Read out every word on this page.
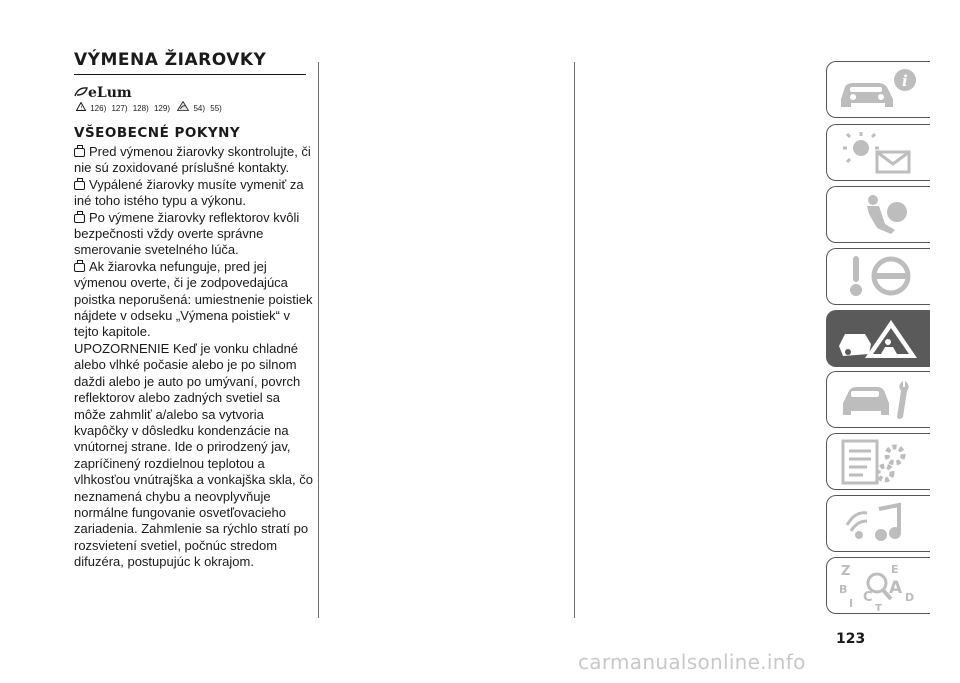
VÝMENA ŽIAROVKY
eLum
! 126) 127) 128) 129)	54) 55)
VŠEOBECNÉ POKYNY

Pred výmenou žiarovky skontrolujte, či nie sú zoxidované príslušné kontakty.

Vypálené žiarovky musíte vymeniť za iné toho istého typu a výkonu.

Po výmene žiarovky reflektorov kvôli bezpečnosti vždy overte správne smerovanie svetelného lúča.

Ak žiarovka nefunguje, pred jej výmenou overte, či je zodpovedajúca poistka neporušená: umiestnenie poistiek nájdete v odseku „Výmena poistiek“ v tejto kapitole.

UPOZORNENIE Keď je vonku chladné alebo vlhké počasie alebo je po silnom daždi alebo je auto po umývaní, povrch reflektorov alebo zadných svetiel sa môže zahmliť a/alebo sa vytvoria kvapôčky v dôsledku kondenzácie na vnútornej strane. Ide o prirodzený jav, zapríčinený rozdielnou teplotou a vlhkosťou vnútrajška a vonkajška skla, čo neznamená chybu a neovplyvňuje normálne fungovanie osvetľovacieho zariadenia. Zahmlenie sa rýchlo stratí po rozsvietení svetiel, počnúc stredom difuzéra, postupujúc k okrajom.

i
Z	E
B A
I C	D
T
123
carmanualsonline.info
